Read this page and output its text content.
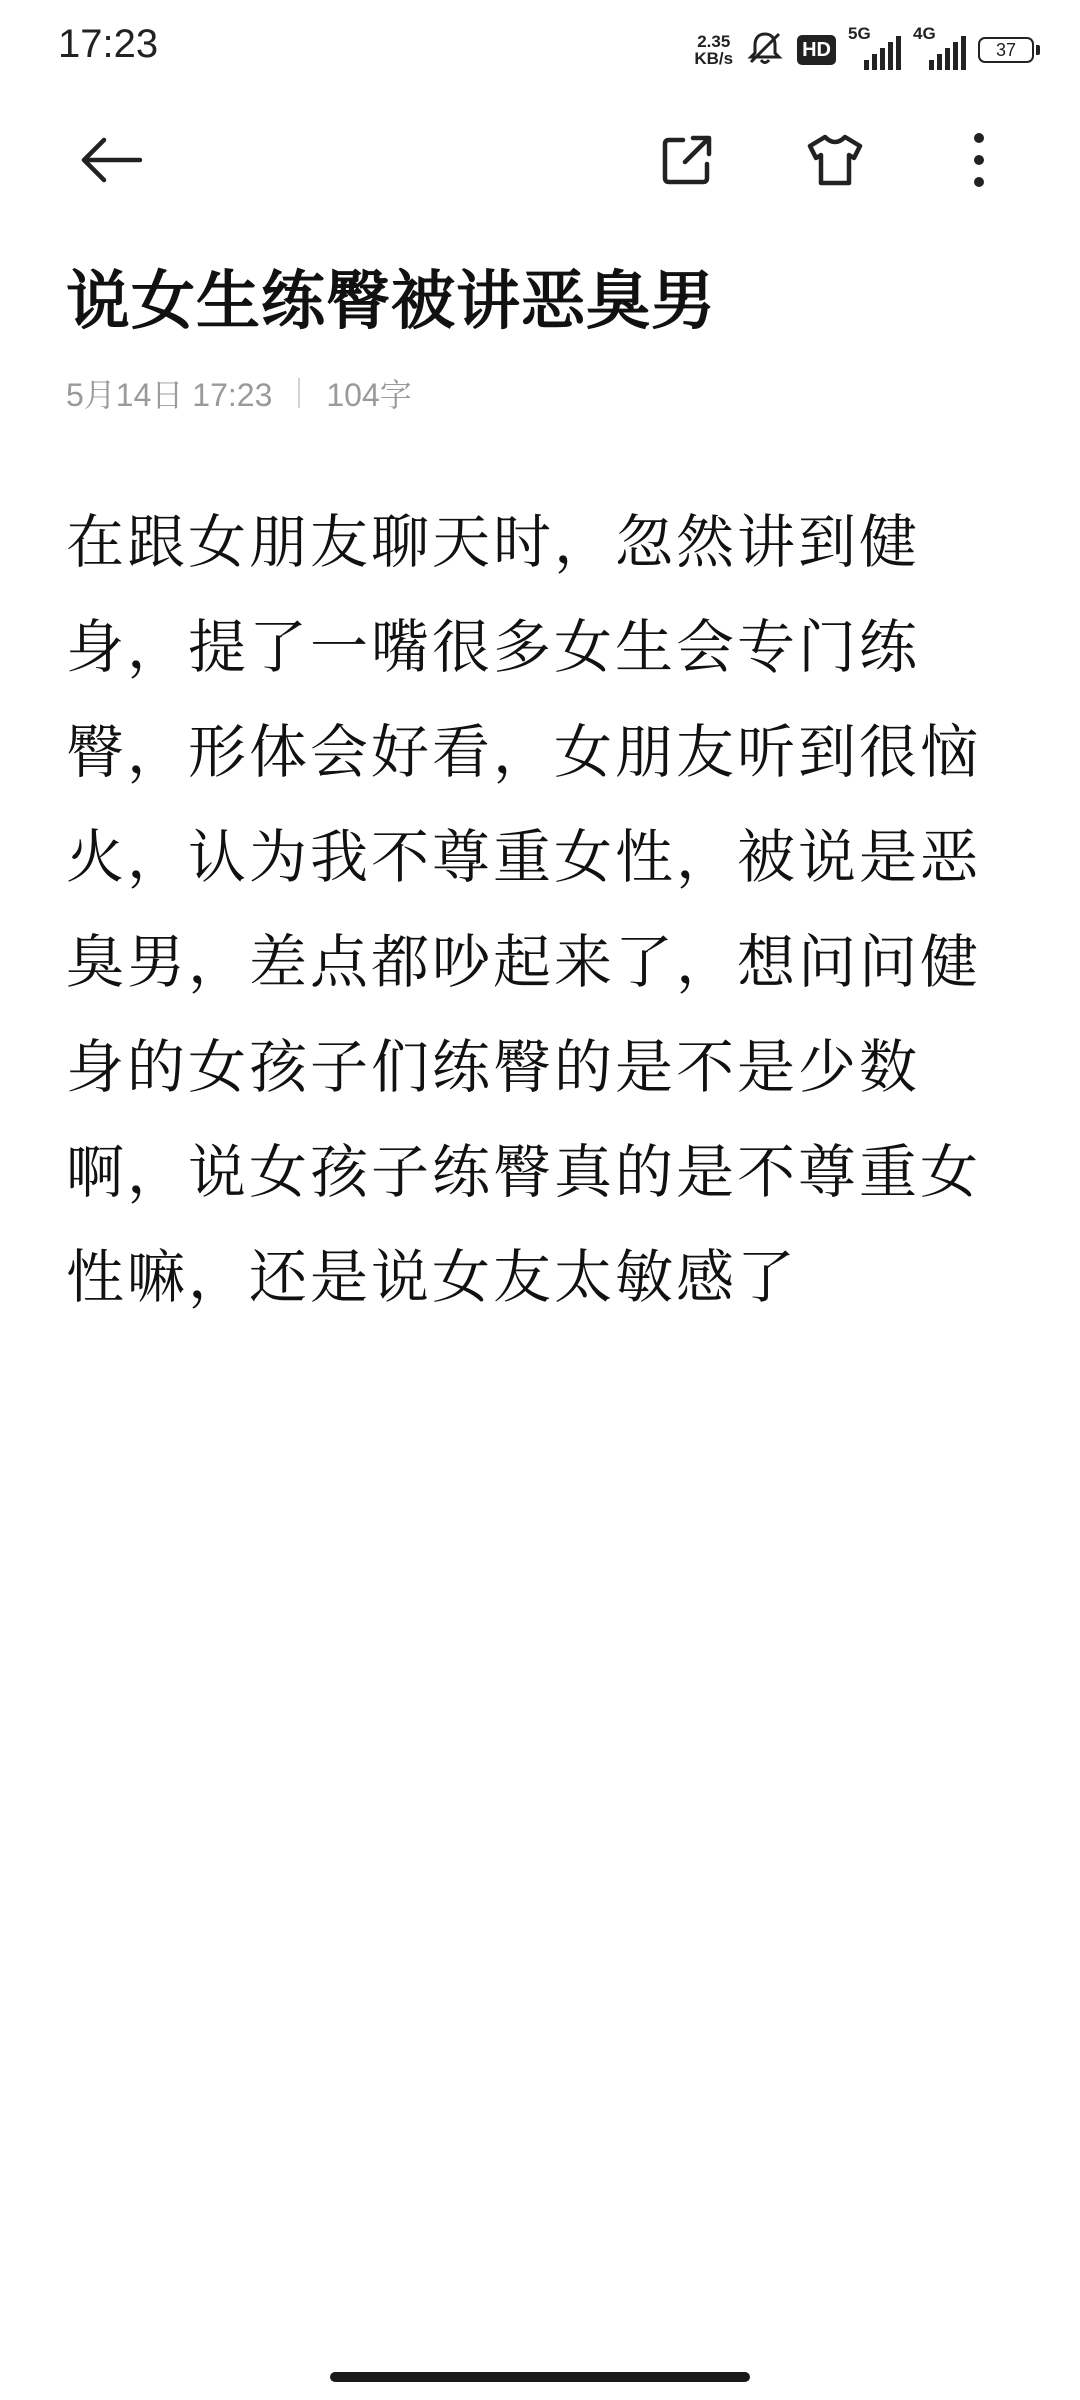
17:23	2.35
KB/s	HD
5G 4G
37
说女生练臀被讲恶臭男
5月14日 17:23 104字
在跟女朋友聊天时，忽然讲到健身，提了一嘴很多女生会专门练臀，形体会好看，女朋友听到很恼火，认为我不尊重女性，被说是恶臭男，差点都吵起来了，想问问健身的女孩子们练臀的是不是少数啊，说女孩子练臀真的是不尊重女性嘛，还是说女友太敏感了
